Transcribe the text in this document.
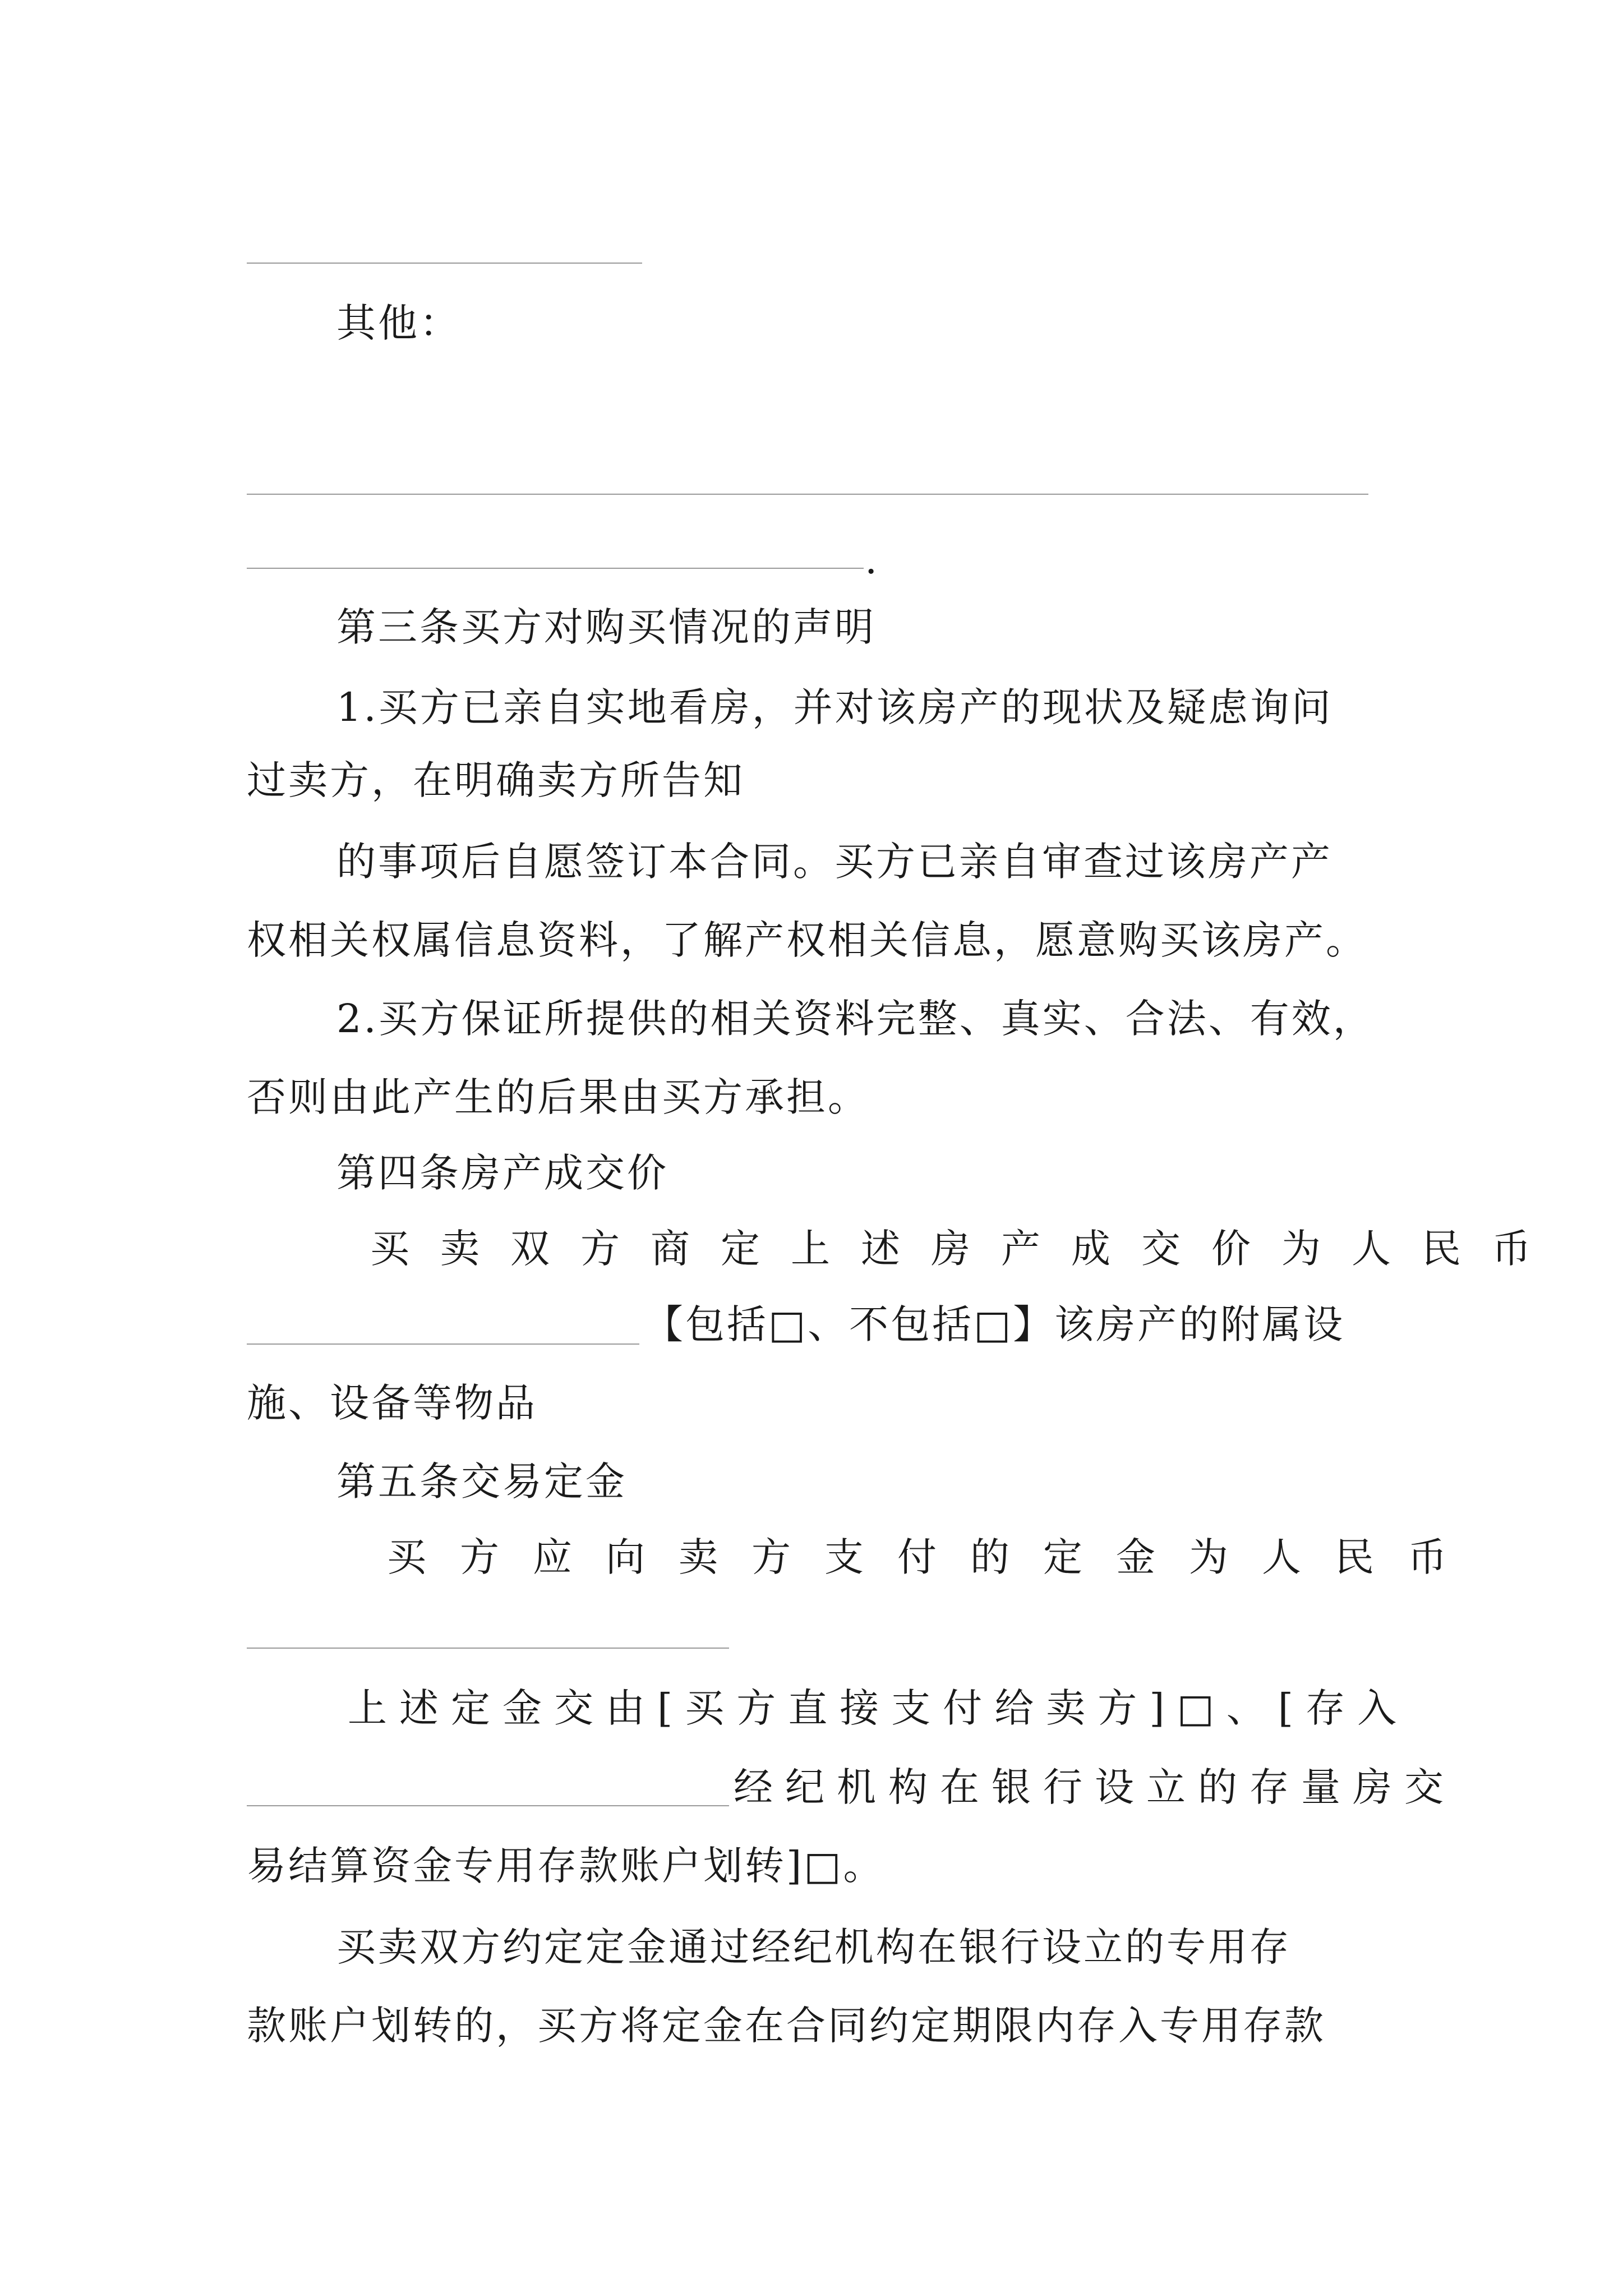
其他：
.
第三条买方对购买情况的声明
1.买方已亲自实地看房，并对该房产的现状及疑虑询问
过卖方，在明确卖方所告知
的事项后自愿签订本合同。买方已亲自审查过该房产产
权相关权属信息资料，了解产权相关信息，愿意购买该房产。
2.买方保证所提供的相关资料完整、真实、合法、有效，
否则由此产生的后果由买方承担。
第四条房产成交价
买卖双方商定上述房产成交价为人民币
【包括□、不包括□】该房产的附属设
施、设备等物品
第五条交易定金
买方应向卖方支付的定金为人民币
上述定金交由[买方直接支付给卖方]□、[存入
经纪机构在银行设立的存量房交
易结算资金专用存款账户划转]□。
买卖双方约定定金通过经纪机构在银行设立的专用存
款账户划转的，买方将定金在合同约定期限内存入专用存款
